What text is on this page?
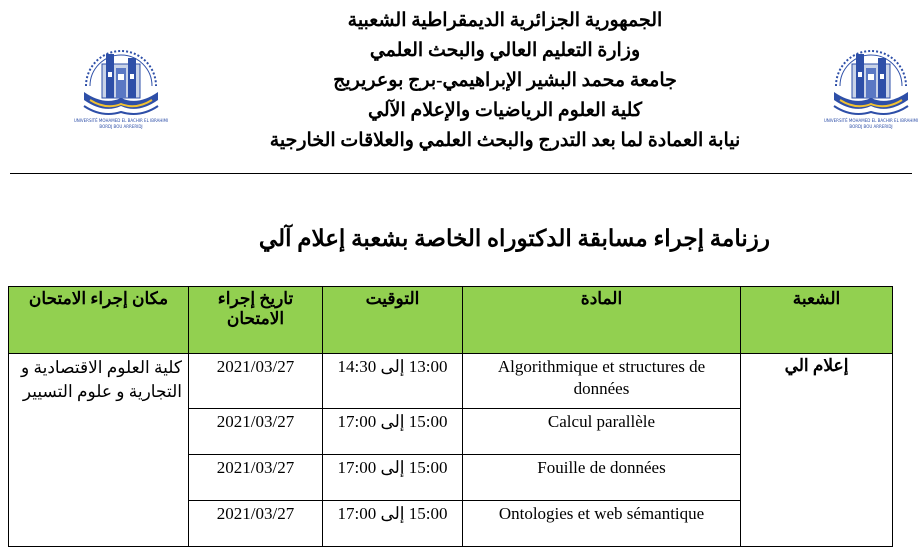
UNIVERSITÉ MOHAMED EL BACHIR EL IBRAHIMI
BORDJ BOU ARRERIDJ
UNIVERSITÉ MOHAMED EL BACHIR EL IBRAHIMI
BORDJ BOU ARRERIDJ
الجمهورية الجزائرية الديمقراطية الشعبية
وزارة التعليم العالي والبحث العلمي
جامعة محمد البشير الإبراهيمي-برج بوعريريج
كلية العلوم الرياضيات والإعلام الآلي
نيابة العمادة لما بعد التدرج والبحث العلمي والعلاقات الخارجية
رزنامة إجراء مسابقة الدكتوراه الخاصة بشعبة إعلام آلي
الشعبة	المادة	التوقيت	تاريخ إجراء الامتحان	مكان إجراء الامتحان
إعلام الي	Algorithmique et structures de données	13:00 إلى 14:30	2021/03/27	كلية العلوم الاقتصادية و التجارية و علوم التسيير
	Calcul parallèle	15:00 إلى 17:00	2021/03/27	
	Fouille de données	15:00 إلى 17:00	2021/03/27	
	Ontologies et web sémantique	15:00 إلى 17:00	2021/03/27	
